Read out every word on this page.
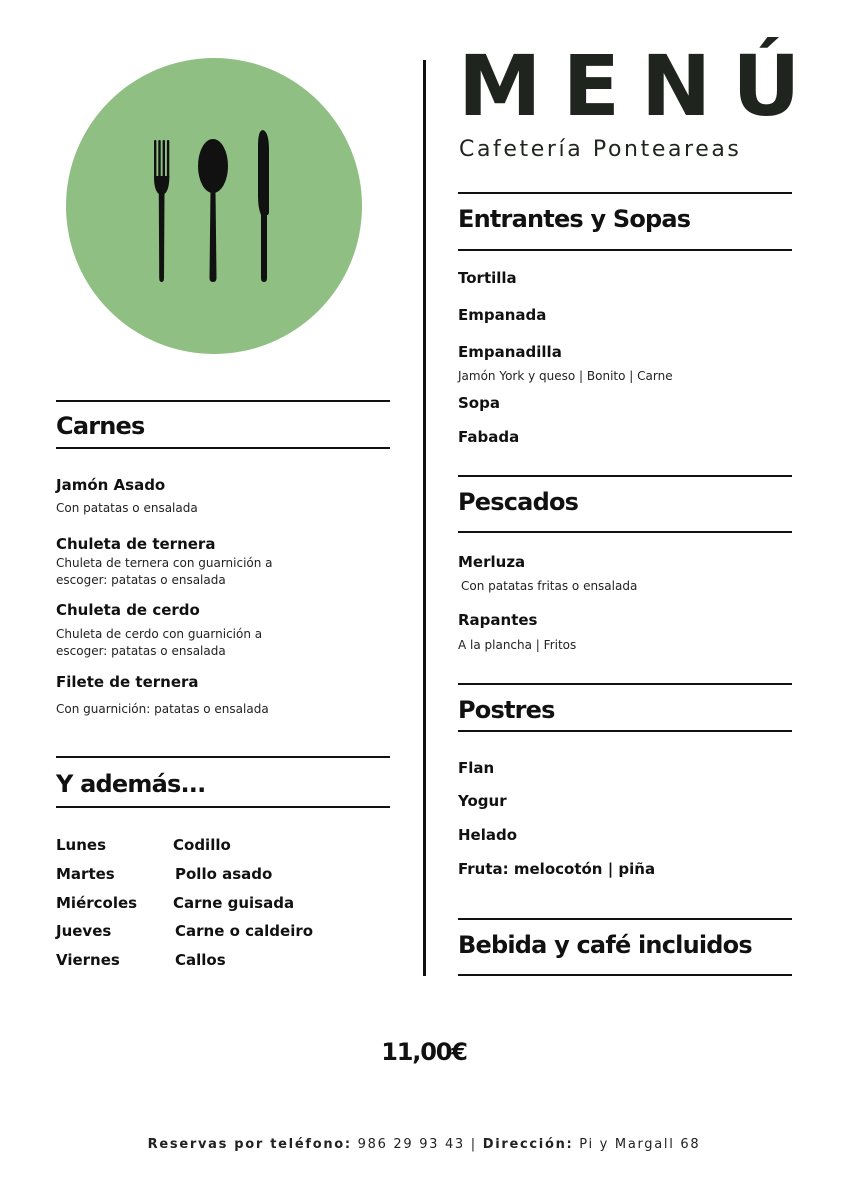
MENÚ
Cafetería Ponteareas
Entrantes y Sopas
Tortilla
Empanada
Empanadilla
Jamón York y queso | Bonito | Carne
Sopa
Fabada
Pescados
Merluza
Con patatas fritas o ensalada
Rapantes
A la plancha | Fritos
Postres
Flan
Yogur
Helado
Fruta: melocotón | piña
Bebida y café incluidos
Carnes
Jamón Asado
Con patatas o ensalada
Chuleta de ternera
Chuleta de ternera con guarnición a
escoger: patatas o ensalada
Chuleta de cerdo
Chuleta de cerdo con guarnición a
escoger: patatas o ensalada
Filete de ternera
Con guarnición: patatas o ensalada
Y además...
Lunes	Codillo
Martes	Pollo asado
Miércoles Carne guisada
Jueves	Carne o caldeiro
Viernes	Callos
11,00€
Reservas por teléfono: 986 29 93 43 | Dirección: Pi y Margall 68
